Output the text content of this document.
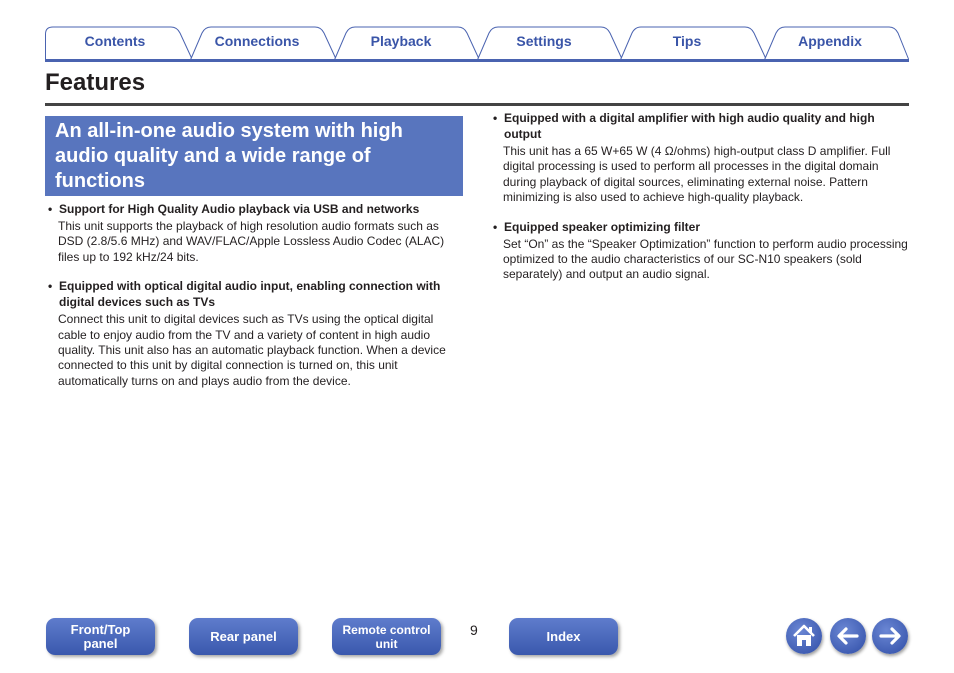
Contents	Connections	Playback	Settings	Tips	Appendix
Features
An all-in-one audio system with high audio quality and a wide range of functions

• Support for High Quality Audio playback via USB and networks

This unit supports the playback of high resolution audio formats such as DSD (2.8/5.6 MHz) and WAV/FLAC/Apple Lossless Audio Codec (ALAC) files up to 192 kHz/24 bits.

• Equipped with optical digital audio input, enabling connection with digital devices such as TVs

Connect this unit to digital devices such as TVs using the optical digital cable to enjoy audio from the TV and a variety of content in high audio quality. This unit also has an automatic playback function. When a device connected to this unit by digital connection is turned on, this unit automatically turns on and plays audio from the device.

• Equipped with a digital amplifier with high audio quality and high output

This unit has a 65 W+65 W (4 Ω/ohms) high-output class D amplifier. Full digital processing is used to perform all processes in the digital domain during playback of digital sources, eliminating external noise. Pattern minimizing is also used to achieve high-quality playback.

• Equipped speaker optimizing filter

Set “On” as the “Speaker Optimization” function to perform audio processing optimized to the audio characteristics of our SC-N10 speakers (sold separately) and output an audio signal.

Front/Top
panel	Rear panel	Remote control
unit
9	Index
